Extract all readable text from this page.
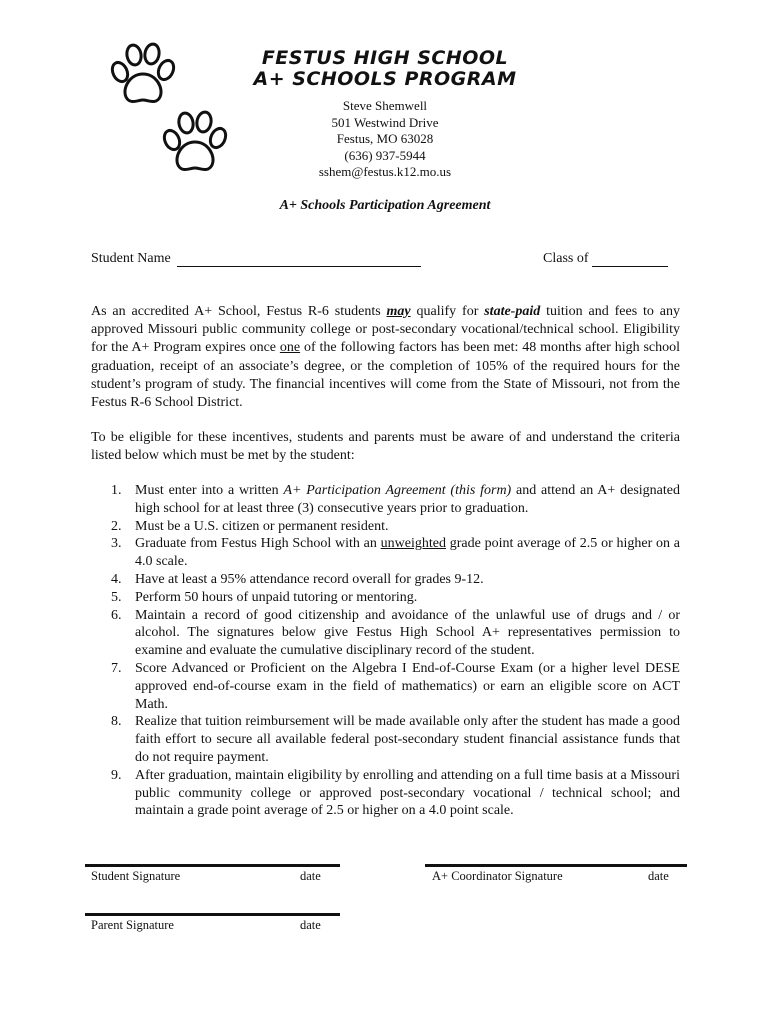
FESTUS HIGH SCHOOL
A+ SCHOOLS PROGRAM
Steve Shemwell
501 Westwind Drive
Festus, MO 63028
(636) 937-5944
sshem@festus.k12.mo.us
A+ Schools Participation Agreement
Student Name	Class of

As an accredited A+ School, Festus R-6 students may qualify for state-paid tuition and fees to any approved Missouri public community college or post-secondary vocational/technical school. Eligibility for the A+ Program expires once one of the following factors has been met: 48 months after high school graduation, receipt of an associate’s degree, or the completion of 105% of the required hours for the student’s program of study. The financial incentives will come from the State of Missouri, not from the Festus R-6 School District.

To be eligible for these incentives, students and parents must be aware of and understand the criteria listed below which must be met by the student:

1. Must enter into a written A+ Participation Agreement (this form) and attend an A+ designated high school for at least three (3) consecutive years prior to graduation.
2. Must be a U.S. citizen or permanent resident.
3. Graduate from Festus High School with an unweighted grade point average of 2.5 or higher on a 4.0 scale.
4. Have at least a 95% attendance record overall for grades 9-12.
5. Perform 50 hours of unpaid tutoring or mentoring.
6. Maintain a record of good citizenship and avoidance of the unlawful use of drugs and / or alcohol. The signatures below give Festus High School A+ representatives permission to examine and evaluate the cumulative disciplinary record of the student.
7. Score Advanced or Proficient on the Algebra I End-of-Course Exam (or a higher level DESE approved end-of-course exam in the field of mathematics) or earn an eligible score on ACT Math.
8. Realize that tuition reimbursement will be made available only after the student has made a good faith effort to secure all available federal post-secondary student financial assistance funds that do not require payment.
9. After graduation, maintain eligibility by enrolling and attending on a full time basis at a Missouri public community college or approved post-secondary vocational / technical school; and maintain a grade point average of 2.5 or higher on a 4.0 point scale.
Student Signature	date	A+ Coordinator Signature	date
Parent Signature	date
